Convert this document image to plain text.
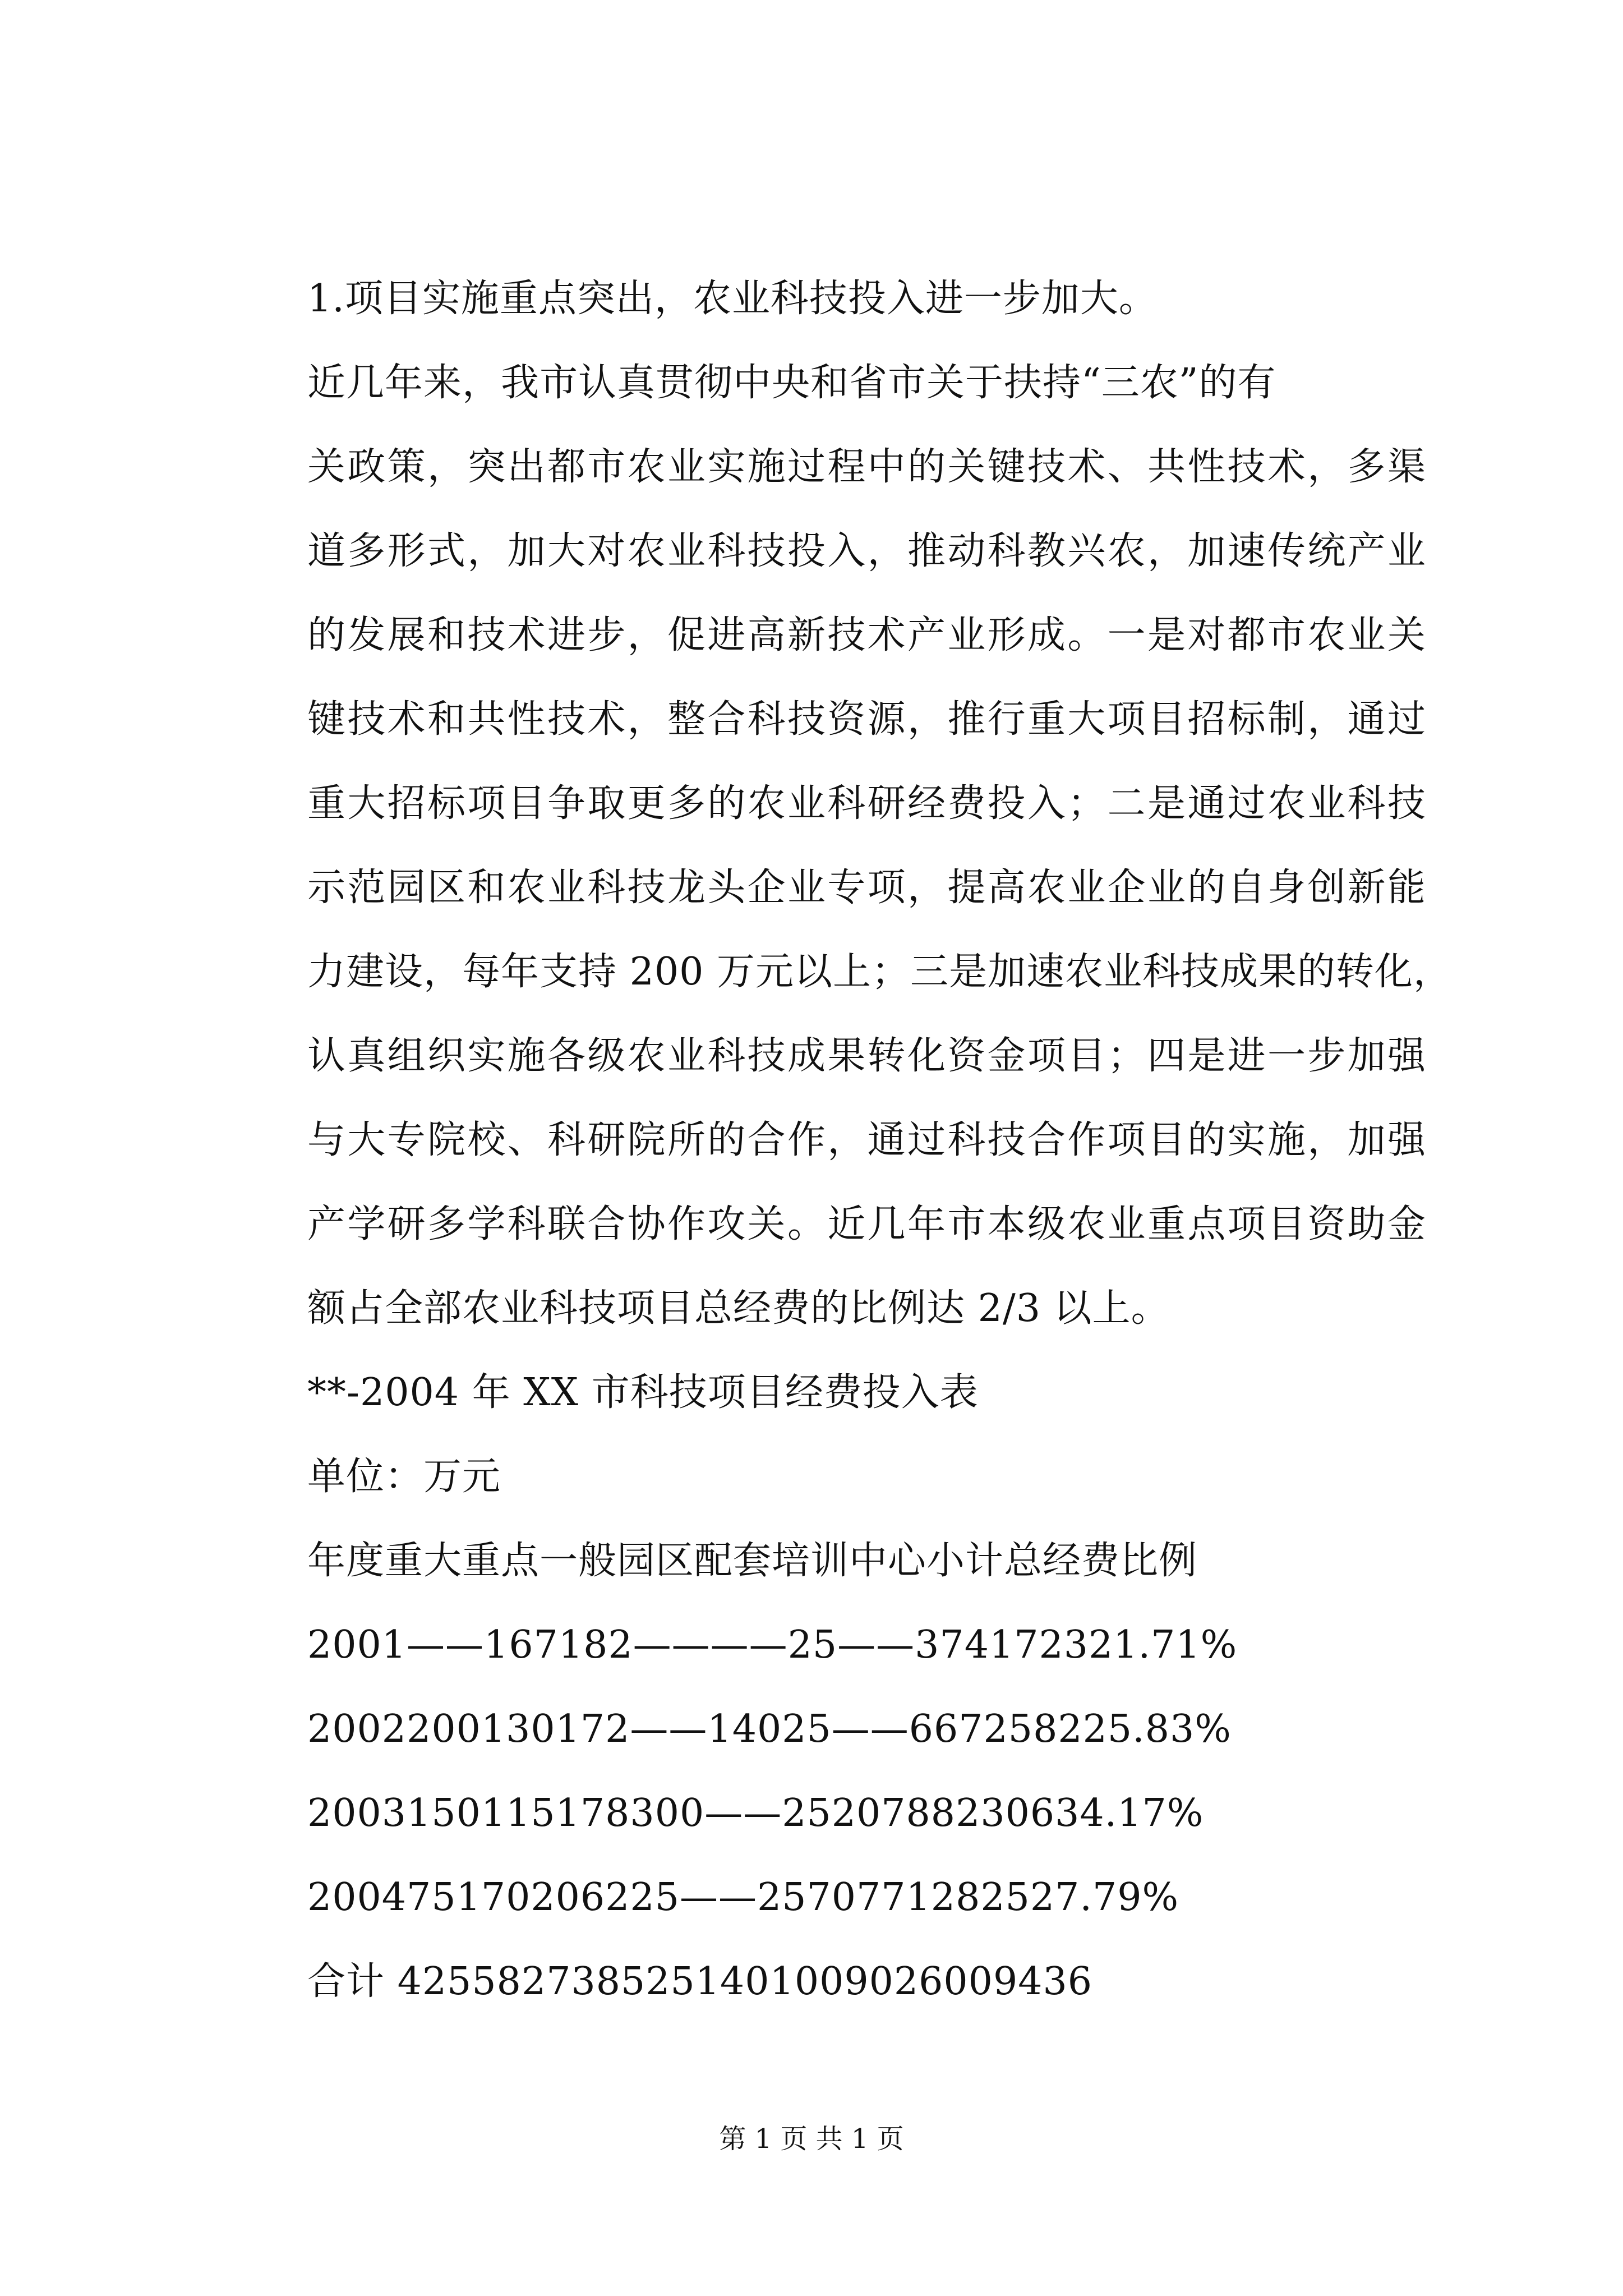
1.项目实施重点突出，农业科技投入进一步加大。
近几年来，我市认真贯彻中央和省市关于扶持“三农”的有
关政策，突出都市农业实施过程中的关键技术、共性技术，多渠
道多形式，加大对农业科技投入，推动科教兴农，加速传统产业
的发展和技术进步，促进高新技术产业形成。一是对都市农业关
键技术和共性技术，整合科技资源，推行重大项目招标制，通过
重大招标项目争取更多的农业科研经费投入；二是通过农业科技
示范园区和农业科技龙头企业专项，提高农业企业的自身创新能
力建设，每年支持 200 万元以上；三是加速农业科技成果的转化，
认真组织实施各级农业科技成果转化资金项目；四是进一步加强
与大专院校、科研院所的合作，通过科技合作项目的实施，加强
产学研多学科联合协作攻关。近几年市本级农业重点项目资助金
额占全部农业科技项目总经费的比例达 2/3 以上。
**-2004 年 XX 市科技项目经费投入表
单位：万元
年度重大重点一般园区配套培训中心小计总经费比例
2001——167182————25——374172321.71%
2002200130172——14025——667258225.83%
2003150115178300——2520788230634.17%
200475170206225——2570771282527.79%
合计 4255827385251401009026009436
第 1 页 共 1 页
